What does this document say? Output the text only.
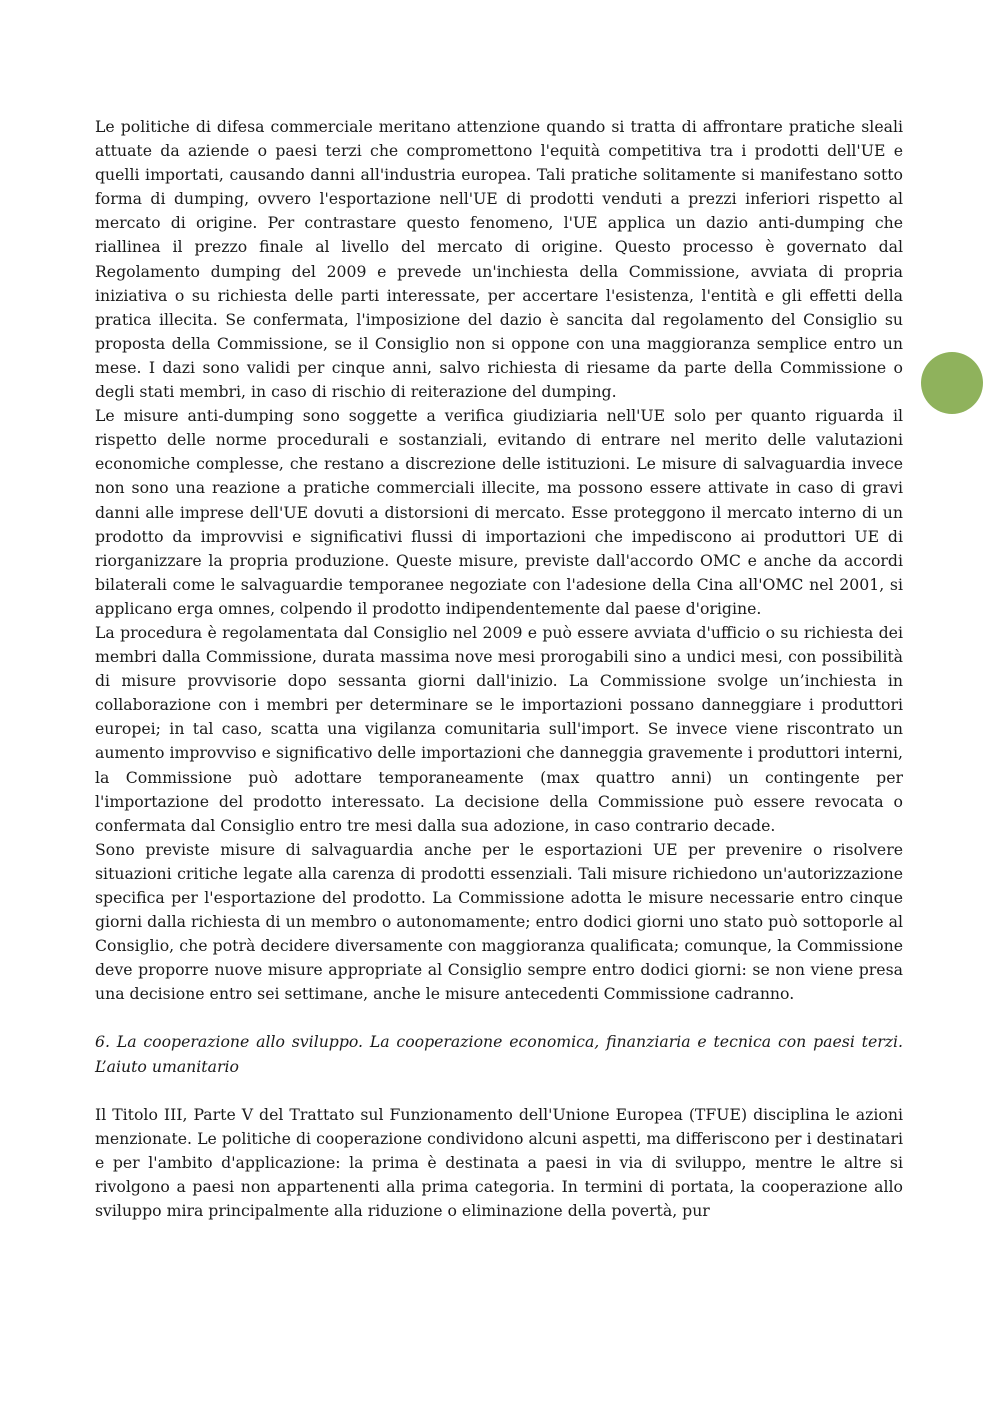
Le politiche di difesa commerciale meritano attenzione quando si tratta di affrontare pratiche sleali attuate da aziende o paesi terzi che compromettono l'equità competitiva tra i prodotti dell'UE e quelli importati, causando danni all'industria europea. Tali pratiche solitamente si manifestano sotto forma di dumping, ovvero l'esportazione nell'UE di prodotti venduti a prezzi inferiori rispetto al mercato di origine. Per contrastare questo fenomeno, l'UE applica un dazio anti-dumping che riallinea il prezzo finale al livello del mercato di origine. Questo processo è governato dal Regolamento dumping del 2009 e prevede un'inchiesta della Commissione, avviata di propria iniziativa o su richiesta delle parti interessate, per accertare l'esistenza, l'entità e gli effetti della pratica illecita. Se confermata, l'imposizione del dazio è sancita dal regolamento del Consiglio su proposta della Commissione, se il Consiglio non si oppone con una maggioranza semplice entro un mese. I dazi sono validi per cinque anni, salvo richiesta di riesame da parte della Commissione o degli stati membri, in caso di rischio di reiterazione del dumping.

Le misure anti-dumping sono soggette a verifica giudiziaria nell'UE solo per quanto riguarda il rispetto delle norme procedurali e sostanziali, evitando di entrare nel merito delle valutazioni economiche complesse, che restano a discrezione delle istituzioni. Le misure di salvaguardia invece non sono una reazione a pratiche commerciali illecite, ma possono essere attivate in caso di gravi danni alle imprese dell'UE dovuti a distorsioni di mercato. Esse proteggono il mercato interno di un prodotto da improvvisi e significativi flussi di importazioni che impediscono ai produttori UE di riorganizzare la propria produzione. Queste misure, previste dall'accordo OMC e anche da accordi bilaterali come le salvaguardie temporanee negoziate con l'adesione della Cina all'OMC nel 2001, si applicano erga omnes, colpendo il prodotto indipendentemente dal paese d'origine.

La procedura è regolamentata dal Consiglio nel 2009 e può essere avviata d'ufficio o su richiesta dei membri dalla Commissione, durata massima nove mesi prorogabili sino a undici mesi, con possibilità di misure provvisorie dopo sessanta giorni dall'inizio. La Commissione svolge un’inchiesta in collaborazione con i membri per determinare se le importazioni possano danneggiare i produttori europei; in tal caso, scatta una vigilanza comunitaria sull'import. Se invece viene riscontrato un aumento improvviso e significativo delle importazioni che danneggia gravemente i produttori interni, la Commissione può adottare temporaneamente (max quattro anni) un contingente per l'importazione del prodotto interessato. La decisione della Commissione può essere revocata o confermata dal Consiglio entro tre mesi dalla sua adozione, in caso contrario decade.

Sono previste misure di salvaguardia anche per le esportazioni UE per prevenire o risolvere situazioni critiche legate alla carenza di prodotti essenziali. Tali misure richiedono un'autorizzazione specifica per l'esportazione del prodotto. La Commissione adotta le misure necessarie entro cinque giorni dalla richiesta di un membro o autonomamente; entro dodici giorni uno stato può sottoporle al Consiglio, che potrà decidere diversamente con maggioranza qualificata; comunque, la Commissione deve proporre nuove misure appropriate al Consiglio sempre entro dodici giorni: se non viene presa una decisione entro sei settimane, anche le misure antecedenti Commissione cadranno.

6. La cooperazione allo sviluppo. La cooperazione economica, finanziaria e tecnica con paesi terzi. L’aiuto umanitario

Il Titolo III, Parte V del Trattato sul Funzionamento dell'Unione Europea (TFUE) disciplina le azioni menzionate. Le politiche di cooperazione condividono alcuni aspetti, ma differiscono per i destinatari e per l'ambito d'applicazione: la prima è destinata a paesi in via di sviluppo, mentre le altre si rivolgono a paesi non appartenenti alla prima categoria. In termini di portata, la cooperazione allo sviluppo mira principalmente alla riduzione o eliminazione della povertà, pur
